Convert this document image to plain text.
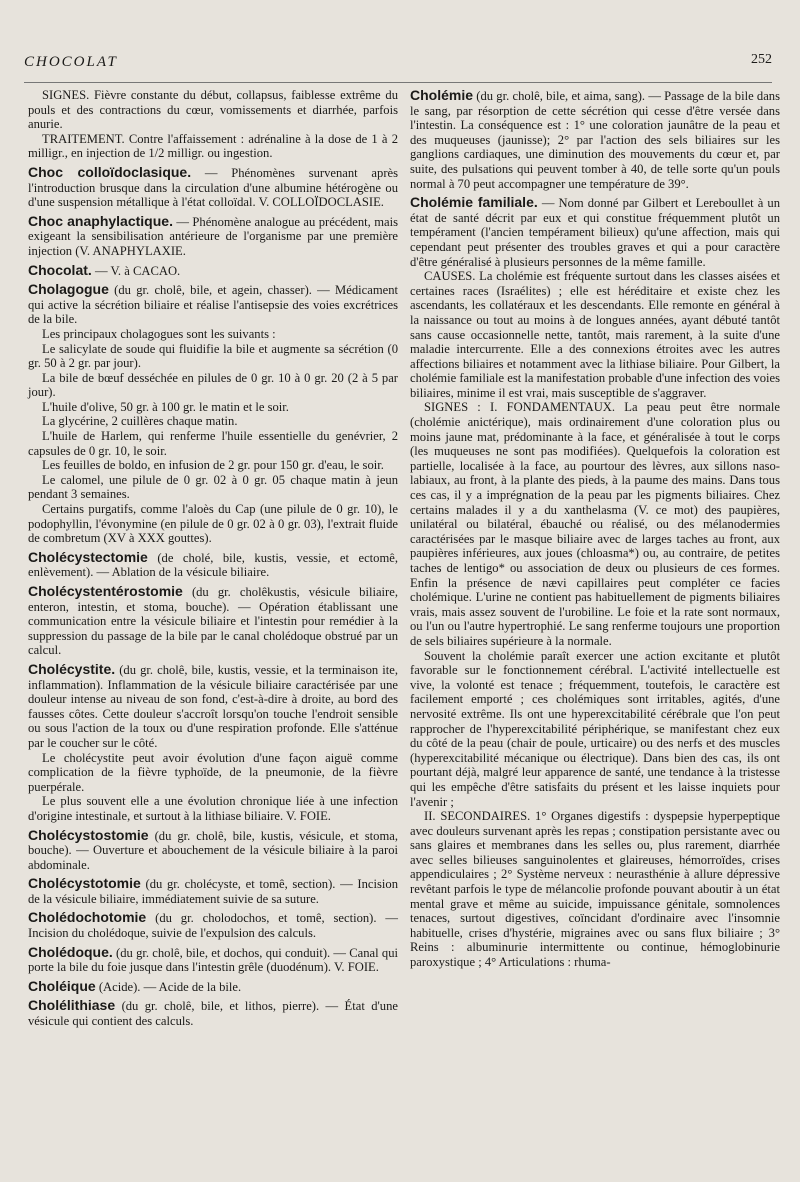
CHOCOLAT	252

SIGNES. Fièvre constante du début, collapsus, faiblesse extrême du pouls et des contractions du cœur, vomissements et diarrhée, parfois anurie.

TRAITEMENT. Contre l'affaissement : adrénaline à la dose de 1 à 2 milligr., en injection de 1/2 milligr. ou ingestion.

Choc colloïdoclasique. — Phénomènes survenant après l'introduction brusque dans la circulation d'une albumine hétérogène ou d'une suspension métallique à l'état colloïdal. V. COLLOÏDOCLASIE.

Choc anaphylactique. — Phénomène analogue au précédent, mais exigeant la sensibilisation antérieure de l'organisme par une première injection (V. ANAPHYLAXIE.

Chocolat. — V. à CACAO.

Cholagogue (du gr. cholê, bile, et agein, chasser). — Médicament qui active la sécrétion biliaire et réalise l'antisepsie des voies excrétrices de la bile.

Les principaux cholagogues sont les suivants :

Le salicylate de soude qui fluidifie la bile et augmente sa sécrétion (0 gr. 50 à 2 gr. par jour).

La bile de bœuf desséchée en pilules de 0 gr. 10 à 0 gr. 20 (2 à 5 par jour).

L'huile d'olive, 50 gr. à 100 gr. le matin et le soir.

La glycérine, 2 cuillères chaque matin.

L'huile de Harlem, qui renferme l'huile essentielle du genévrier, 2 capsules de 0 gr. 10, le soir.

Les feuilles de boldo, en infusion de 2 gr. pour 150 gr. d'eau, le soir.

Le calomel, une pilule de 0 gr. 02 à 0 gr. 05 chaque matin à jeun pendant 3 semaines.

Certains purgatifs, comme l'aloès du Cap (une pilule de 0 gr. 10), le podophyllin, l'évonymine (en pilule de 0 gr. 02 à 0 gr. 03), l'extrait fluide de combretum (XV à XXX gouttes).

Cholécystectomie (de cholé, bile, kustis, vessie, et ectomê, enlèvement). — Ablation de la vésicule biliaire.

Cholécystentérostomie (du gr. cholêkustis, vésicule biliaire, enteron, intestin, et stoma, bouche). — Opération établissant une communication entre la vésicule biliaire et l'intestin pour remédier à la suppression du passage de la bile par le canal cholédoque obstrué par un calcul.

Cholécystite. (du gr. cholê, bile, kustis, vessie, et la terminaison ite, inflammation). Inflammation de la vésicule biliaire caractérisée par une douleur intense au niveau de son fond, c'est-à-dire à droite, au bord des fausses côtes. Cette douleur s'accroît lorsqu'on touche l'endroit sensible ou sous l'action de la toux ou d'une respiration profonde. Elle s'atténue par le coucher sur le côté.

Le cholécystite peut avoir évolution d'une façon aiguë comme complication de la fièvre typhoïde, de la pneumonie, de la fièvre puerpérale.

Le plus souvent elle a une évolution chronique liée à une infection d'origine intestinale, et surtout à la lithiase biliaire. V. FOIE.

Cholécystostomie (du gr. cholê, bile, kustis, vésicule, et stoma, bouche). — Ouverture et abouchement de la vésicule biliaire à la paroi abdominale.

Cholécystotomie (du gr. cholécyste, et tomê, section). — Incision de la vésicule biliaire, immédiatement suivie de sa suture.

Cholédochotomie (du gr. cholodochos, et tomê, section). — Incision du cholédoque, suivie de l'expulsion des calculs.

Cholédoque. (du gr. cholê, bile, et dochos, qui conduit). — Canal qui porte la bile du foie jusque dans l'intestin grêle (duodénum). V. FOIE.

Choléique (Acide). — Acide de la bile.

Cholélithiase (du gr. cholê, bile, et lithos, pierre). — État d'une vésicule qui contient des calculs.

Cholémie (du gr. cholê, bile, et aima, sang). — Passage de la bile dans le sang, par résorption de cette sécrétion qui cesse d'être versée dans l'intestin. La conséquence est : 1° une coloration jaunâtre de la peau et des muqueuses (jaunisse); 2° par l'action des sels biliaires sur les ganglions cardiaques, une diminution des mouvements du cœur et, par suite, des pulsations qui peuvent tomber à 40, de telle sorte qu'un pouls normal à 70 peut accompagner une température de 39°.

Cholémie familiale. — Nom donné par Gilbert et Lereboullet à un état de santé décrit par eux et qui constitue fréquemment plutôt un tempérament (l'ancien tempérament bilieux) qu'une affection, mais qui cependant peut présenter des troubles graves et qui a pour caractère d'être généralisé à plusieurs personnes de la même famille.

CAUSES. La cholémie est fréquente surtout dans les classes aisées et certaines races (Israélites) ; elle est héréditaire et existe chez les ascendants, les collatéraux et les descendants. Elle remonte en général à la naissance ou tout au moins à de longues années, ayant débuté tantôt sans cause occasionnelle nette, tantôt, mais rarement, à la suite d'une maladie intercurrente. Elle a des connexions étroites avec les autres affections biliaires et notamment avec la lithiase biliaire. Pour Gilbert, la cholémie familiale est la manifestation probable d'une infection des voies biliaires, minime il est vrai, mais susceptible de s'aggraver.

SIGNES : I. FONDAMENTAUX. La peau peut être normale (cholémie anictérique), mais ordinairement d'une coloration plus ou moins jaune mat, prédominante à la face, et généralisée à tout le corps (les muqueuses ne sont pas modifiées). Quelquefois la coloration est partielle, localisée à la face, au pourtour des lèvres, aux sillons naso-labiaux, au front, à la plante des pieds, à la paume des mains. Dans tous ces cas, il y a imprégnation de la peau par les pigments biliaires. Chez certains malades il y a du xanthelasma (V. ce mot) des paupières, unilatéral ou bilatéral, ébauché ou réalisé, ou des mélanodermies caractérisées par le masque biliaire avec de larges taches au front, aux paupières inférieures, aux joues (chloasma*) ou, au contraire, de petites taches de lentigo* ou association de deux ou plusieurs de ces formes. Enfin la présence de nævi capillaires peut compléter ce facies cholémique. L'urine ne contient pas habituellement de pigments biliaires vrais, mais assez souvent de l'urobiline. Le foie et la rate sont normaux, ou l'un ou l'autre hypertrophié. Le sang renferme toujours une proportion de sels biliaires supérieure à la normale.

Souvent la cholémie paraît exercer une action excitante et plutôt favorable sur le fonctionnement cérébral. L'activité intellectuelle est vive, la volonté est tenace ; fréquemment, toutefois, le caractère est facilement emporté ; ces cholémiques sont irritables, agités, d'une nervosité extrême. Ils ont une hyperexcitabilité cérébrale que l'on peut rapprocher de l'hyperexcitabilité périphérique, se manifestant chez eux du côté de la peau (chair de poule, urticaire) ou des nerfs et des muscles (hyperexcitabilité mécanique ou électrique). Dans bien des cas, ils ont pourtant déjà, malgré leur apparence de santé, une tendance à la tristesse qui les empêche d'être satisfaits du présent et les laisse inquiets pour l'avenir ;

II. SECONDAIRES. 1° Organes digestifs : dyspepsie hyperpeptique avec douleurs survenant après les repas ; constipation persistante avec ou sans glaires et membranes dans les selles ou, plus rarement, diarrhée avec selles bilieuses sanguinolentes et glaireuses, hémorroïdes, crises appendiculaires ; 2° Système nerveux : neurasthénie à allure dépressive revêtant parfois le type de mélancolie profonde pouvant aboutir à un état mental grave et même au suicide, impuissance génitale, somnolences tenaces, surtout digestives, coïncidant d'ordinaire avec l'insomnie habituelle, crises d'hystérie, migraines avec ou sans flux biliaire ; 3° Reins : albuminurie intermittente ou continue, hémoglobinurie paroxystique ; 4° Articulations : rhuma-
